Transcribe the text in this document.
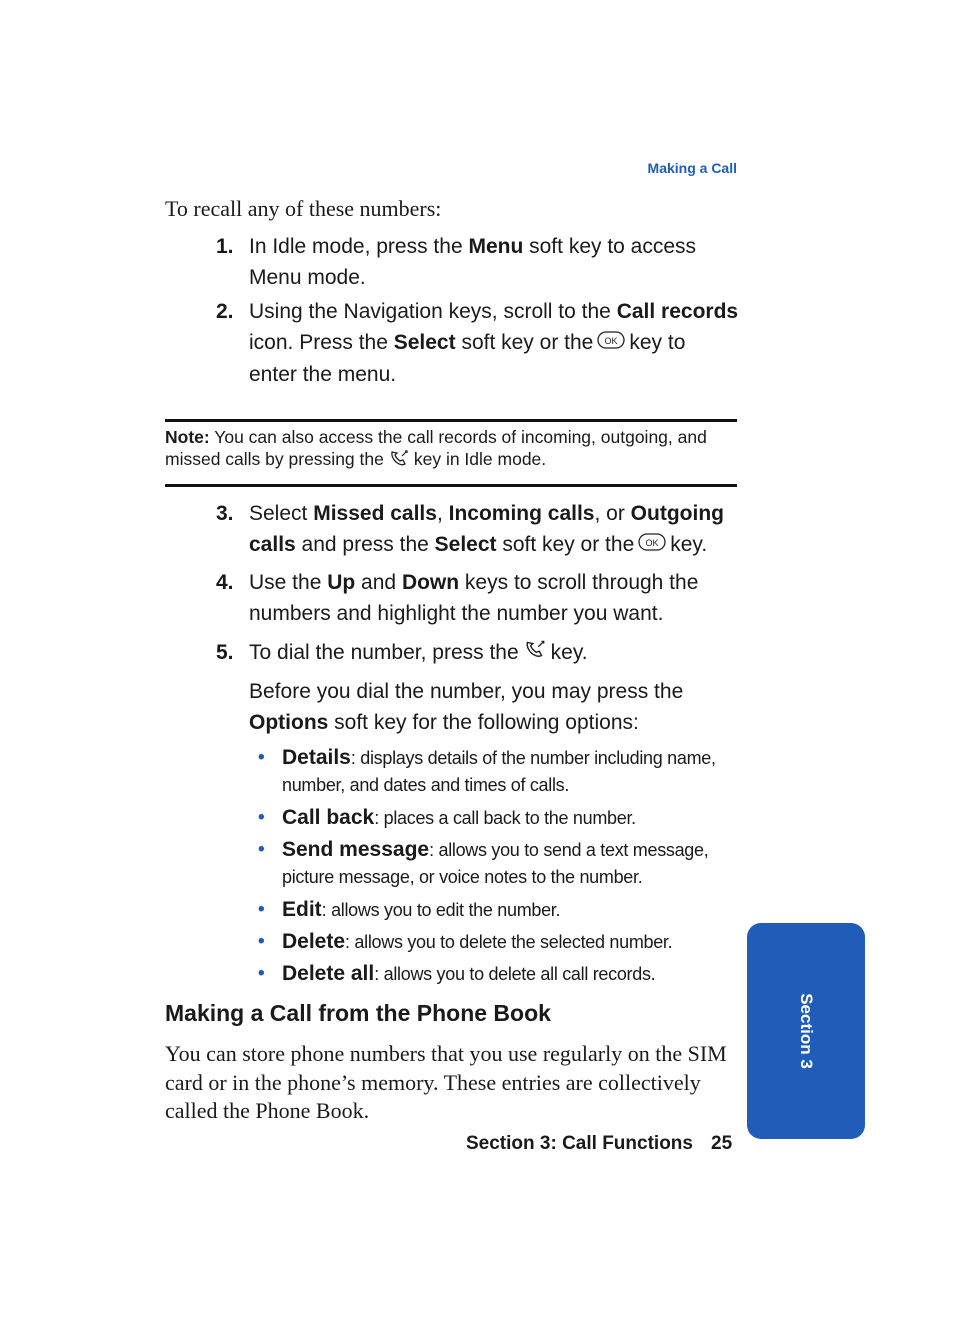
Making a Call
To recall any of these numbers:
1. In Idle mode, press the Menu soft key to access Menu mode.
2. Using the Navigation keys, scroll to the Call records icon. Press the Select soft key or the OK key to enter the menu.
Note: You can also access the call records of incoming, outgoing, and missed calls by pressing the key in Idle mode.
3. Select Missed calls, Incoming calls, or Outgoing calls and press the Select soft key or the OK key.
4. Use the Up and Down keys to scroll through the numbers and highlight the number you want.
5. To dial the number, press the key.
Before you dial the number, you may press the Options soft key for the following options:
• Details: displays details of the number including name, number, and dates and times of calls.
• Call back: places a call back to the number.
• Send message: allows you to send a text message, picture message, or voice notes to the number.
• Edit: allows you to edit the number.
• Delete: allows you to delete the selected number.
• Delete all: allows you to delete all call records.
Making a Call from the Phone Book
You can store phone numbers that you use regularly on the SIM card or in the phone’s memory. These entries are collectively called the Phone Book.
Section 3: Call Functions 25
Section 3
